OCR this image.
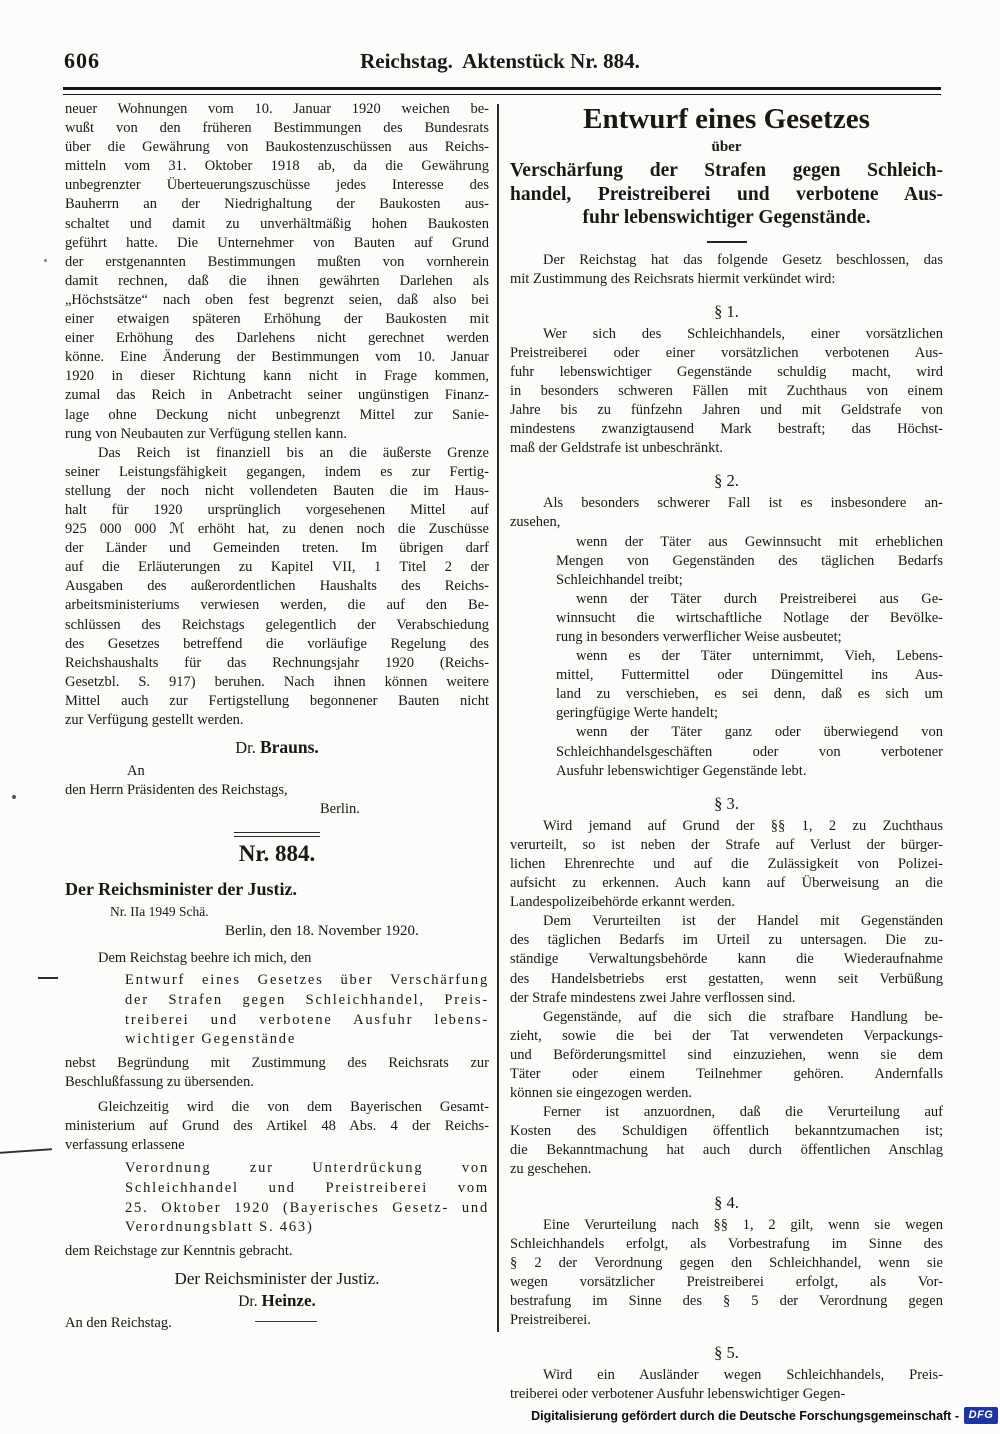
606	Reichstag.  Aktenstück Nr. 884.
neuer Wohnungen vom 10. Januar 1920 weichen be-
wußt von den früheren Bestimmungen des Bundesrats
über die Gewährung von Baukostenzuschüssen aus Reichs-
mitteln vom 31. Oktober 1918 ab, da die Gewährung
unbegrenzter Überteuerungszuschüsse jedes Interesse des
Bauherrn an der Niedrighaltung der Baukosten aus-
schaltet und damit zu unverhältmäßig hohen Baukosten
geführt hatte. Die Unternehmer von Bauten auf Grund
der erstgenannten Bestimmungen mußten von vornherein
damit rechnen, daß die ihnen gewährten Darlehen als
„Höchstsätze“ nach oben fest begrenzt seien, daß also bei
einer etwaigen späteren Erhöhung der Baukosten mit
einer Erhöhung des Darlehens nicht gerechnet werden
könne. Eine Änderung der Bestimmungen vom 10. Januar
1920 in dieser Richtung kann nicht in Frage kommen,
zumal das Reich in Anbetracht seiner ungünstigen Finanz-
lage ohne Deckung nicht unbegrenzt Mittel zur Sanie-
rung von Neubauten zur Verfügung stellen kann.
Das Reich ist finanziell bis an die äußerste Grenze
seiner Leistungsfähigkeit gegangen, indem es zur Fertig-
stellung der noch nicht vollendeten Bauten die im Haus-
halt für 1920 ursprünglich vorgesehenen Mittel auf
925 000 000 ℳ erhöht hat, zu denen noch die Zuschüsse
der Länder und Gemeinden treten. Im übrigen darf
auf die Erläuterungen zu Kapitel VII, 1 Titel 2 der
Ausgaben des außerordentlichen Haushalts des Reichs-
arbeitsministeriums verwiesen werden, die auf den Be-
schlüssen des Reichstags gelegentlich der Verabschiedung
des Gesetzes betreffend die vorläufige Regelung des
Reichshaushalts für das Rechnungsjahr 1920 (Reichs-
Gesetzbl. S. 917) beruhen. Nach ihnen können weitere
Mittel auch zur Fertigstellung begonnener Bauten nicht
zur Verfügung gestellt werden.
Dr. Brauns.
An
den Herrn Präsidenten des Reichstags,
Berlin.
Nr. 884.
Der Reichsminister der Justiz.
Nr. IIa 1949 Schä.
Berlin, den 18. November 1920.
Dem Reichstag beehre ich mich, den
Entwurf eines Gesetzes über Verschärfung
der Strafen gegen Schleichhandel, Preis-
treiberei und verbotene Ausfuhr lebens-
wichtiger Gegenstände
nebst Begründung mit Zustimmung des Reichsrats zur
Beschlußfassung zu übersenden.
Gleichzeitig wird die von dem Bayerischen Gesamt-
ministerium auf Grund des Artikel 48 Abs. 4 der Reichs-
verfassung erlassene
Verordnung zur Unterdrückung von
Schleichhandel und Preistreiberei vom
25. Oktober 1920 (Bayerisches Gesetz- und
Verordnungsblatt S. 463)
dem Reichstage zur Kenntnis gebracht.
Der Reichsminister der Justiz.
Dr. Heinze.
An den Reichstag.
Entwurf eines Gesetzes
über
Verschärfung der Strafen gegen Schleich-
handel, Preistreiberei und verbotene Aus-
fuhr lebenswichtiger Gegenstände.
Der Reichstag hat das folgende Gesetz beschlossen, das
mit Zustimmung des Reichsrats hiermit verkündet wird:
§ 1.
Wer sich des Schleichhandels, einer vorsätzlichen
Preistreiberei oder einer vorsätzlichen verbotenen Aus-
fuhr lebenswichtiger Gegenstände schuldig macht, wird
in besonders schweren Fällen mit Zuchthaus von einem
Jahre bis zu fünfzehn Jahren und mit Geldstrafe von
mindestens zwanzigtausend Mark bestraft; das Höchst-
maß der Geldstrafe ist unbeschränkt.
§ 2.
Als besonders schwerer Fall ist es insbesondere an-
zusehen,
wenn der Täter aus Gewinnsucht mit erheblichen
Mengen von Gegenständen des täglichen Bedarfs
Schleichhandel treibt;
wenn der Täter durch Preistreiberei aus Ge-
winnsucht die wirtschaftliche Notlage der Bevölke-
rung in besonders verwerflicher Weise ausbeutet;
wenn es der Täter unternimmt, Vieh, Lebens-
mittel, Futtermittel oder Düngemittel ins Aus-
land zu verschieben, es sei denn, daß es sich um
geringfügige Werte handelt;
wenn der Täter ganz oder überwiegend von
Schleichhandelsgeschäften oder von verbotener
Ausfuhr lebenswichtiger Gegenstände lebt.
§ 3.
Wird jemand auf Grund der §§ 1, 2 zu Zuchthaus
verurteilt, so ist neben der Strafe auf Verlust der bürger-
lichen Ehrenrechte und auf die Zulässigkeit von Polizei-
aufsicht zu erkennen. Auch kann auf Überweisung an die
Landespolizeibehörde erkannt werden.
Dem Verurteilten ist der Handel mit Gegenständen
des täglichen Bedarfs im Urteil zu untersagen. Die zu-
ständige Verwaltungsbehörde kann die Wiederaufnahme
des Handelsbetriebs erst gestatten, wenn seit Verbüßung
der Strafe mindestens zwei Jahre verflossen sind.
Gegenstände, auf die sich die strafbare Handlung be-
zieht, sowie die bei der Tat verwendeten Verpackungs-
und Beförderungsmittel sind einzuziehen, wenn sie dem
Täter oder einem Teilnehmer gehören. Andernfalls
können sie eingezogen werden.
Ferner ist anzuordnen, daß die Verurteilung auf
Kosten des Schuldigen öffentlich bekanntzumachen ist;
die Bekanntmachung hat auch durch öffentlichen Anschlag
zu geschehen.
§ 4.
Eine Verurteilung nach §§ 1, 2 gilt, wenn sie wegen
Schleichhandels erfolgt, als Vorbestrafung im Sinne des
§ 2 der Verordnung gegen den Schleichhandel, wenn sie
wegen vorsätzlicher Preistreiberei erfolgt, als Vor-
bestrafung im Sinne des § 5 der Verordnung gegen
Preistreiberei.
§ 5.
Wird ein Ausländer wegen Schleichhandels, Preis-
treiberei oder verbotener Ausfuhr lebenswichtiger Gegen-
Digitalisierung gefördert durch die Deutsche Forschungsgemeinschaft - DFG
